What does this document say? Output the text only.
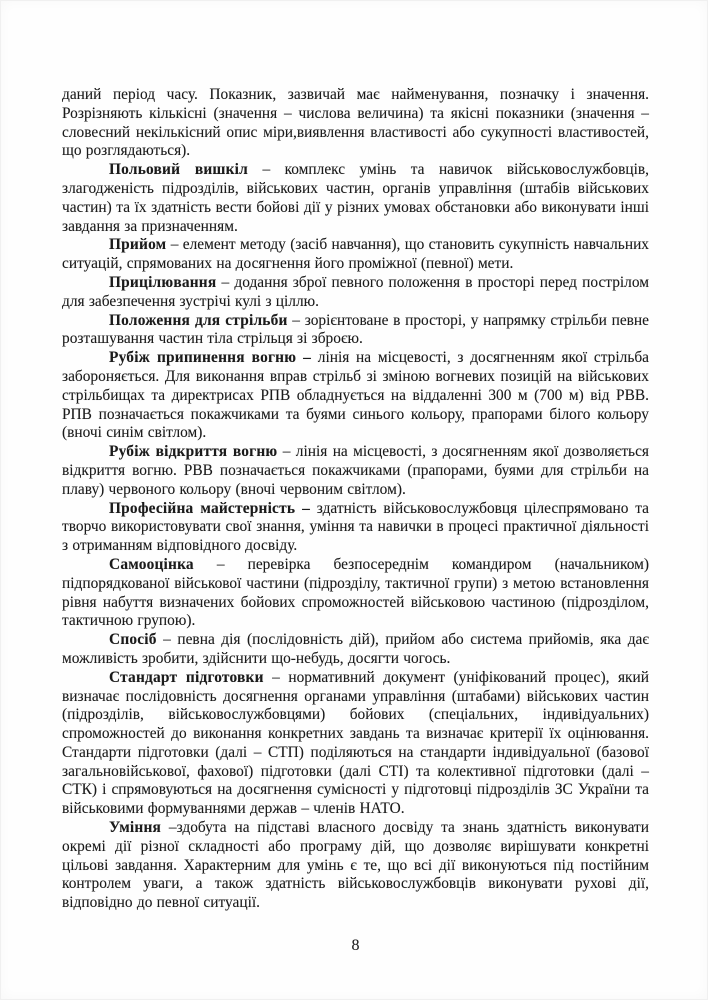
даний період часу. Показник, зазвичай має найменування, позначку і значення. Розрізняють кількісні (значення – числова величина) та якісні показники (значення – словесний некількісний опис міри,виявлення властивості або сукупності властивостей, що розглядаються).

Польовий вишкіл – комплекс умінь та навичок військовослужбовців, злагодженість підрозділів, військових частин, органів управління (штабів військових частин) та їх здатність вести бойові дії у різних умовах обстановки або виконувати інші завдання за призначенням.

Прийом – елемент методу (засіб навчання), що становить сукупність навчальних ситуацій, спрямованих на досягнення його проміжної (певної) мети.

Прицілювання – додання зброї певного положення в просторі перед пострілом для забезпечення зустрічі кулі з ціллю.

Положення для стрільби – зорієнтоване в просторі, у напрямку стрільби певне розташування частин тіла стрільця зі зброєю.

Рубіж припинення вогню – лінія на місцевості, з досягненням якої стрільба забороняється. Для виконання вправ стрільб зі зміною вогневих позицій на військових стрільбищах та директрисах РПВ обладнується на віддаленні 300 м (700 м) від РВВ. РПВ позначається покажчиками та буями синього кольору, прапорами білого кольору (вночі синім світлом).

Рубіж відкриття вогню – лінія на місцевості, з досягненням якої дозволяється відкриття вогню. РВВ позначається покажчиками (прапорами, буями для стрільби на плаву) червоного кольору (вночі червоним світлом).

Професійна майстерність – здатність військовослужбовця цілеспрямовано та творчо використовувати свої знання, уміння та навички в процесі практичної діяльності з отриманням відповідного досвіду.

Самооцінка – перевірка безпосереднім командиром (начальником) підпорядкованої військової частини (підрозділу, тактичної групи) з метою встановлення рівня набуття визначених бойових спроможностей військовою частиною (підрозділом, тактичною групою).

Спосіб – певна дія (послідовність дій), прийом або система прийомів, яка дає можливість зробити, здійснити що-небудь, досягти чогось.

Стандарт підготовки – нормативний документ (уніфікований процес), який визначає послідовність досягнення органами управління (штабами) військових частин (підрозділів, військовослужбовцями) бойових (спеціальних, індивідуальних) спроможностей до виконання конкретних завдань та визначає критерії їх оцінювання. Стандарти підготовки (далі – СТП) поділяються на стандарти індивідуальної (базової загальновійськової, фахової) підготовки (далі СТІ) та колективної підготовки (далі – СТК) і спрямовуються на досягнення сумісності у підготовці підрозділів ЗС України та військовими формуваннями держав – членів НАТО.

Уміння –здобута на підставі власного досвіду та знань здатність виконувати окремі дії різної складності або програму дій, що дозволяє вирішувати конкретні цільові завдання. Характерним для умінь є те, що всі дії виконуються під постійним контролем уваги, а також здатність військовослужбовців виконувати рухові дії, відповідно до певної ситуації.

8
